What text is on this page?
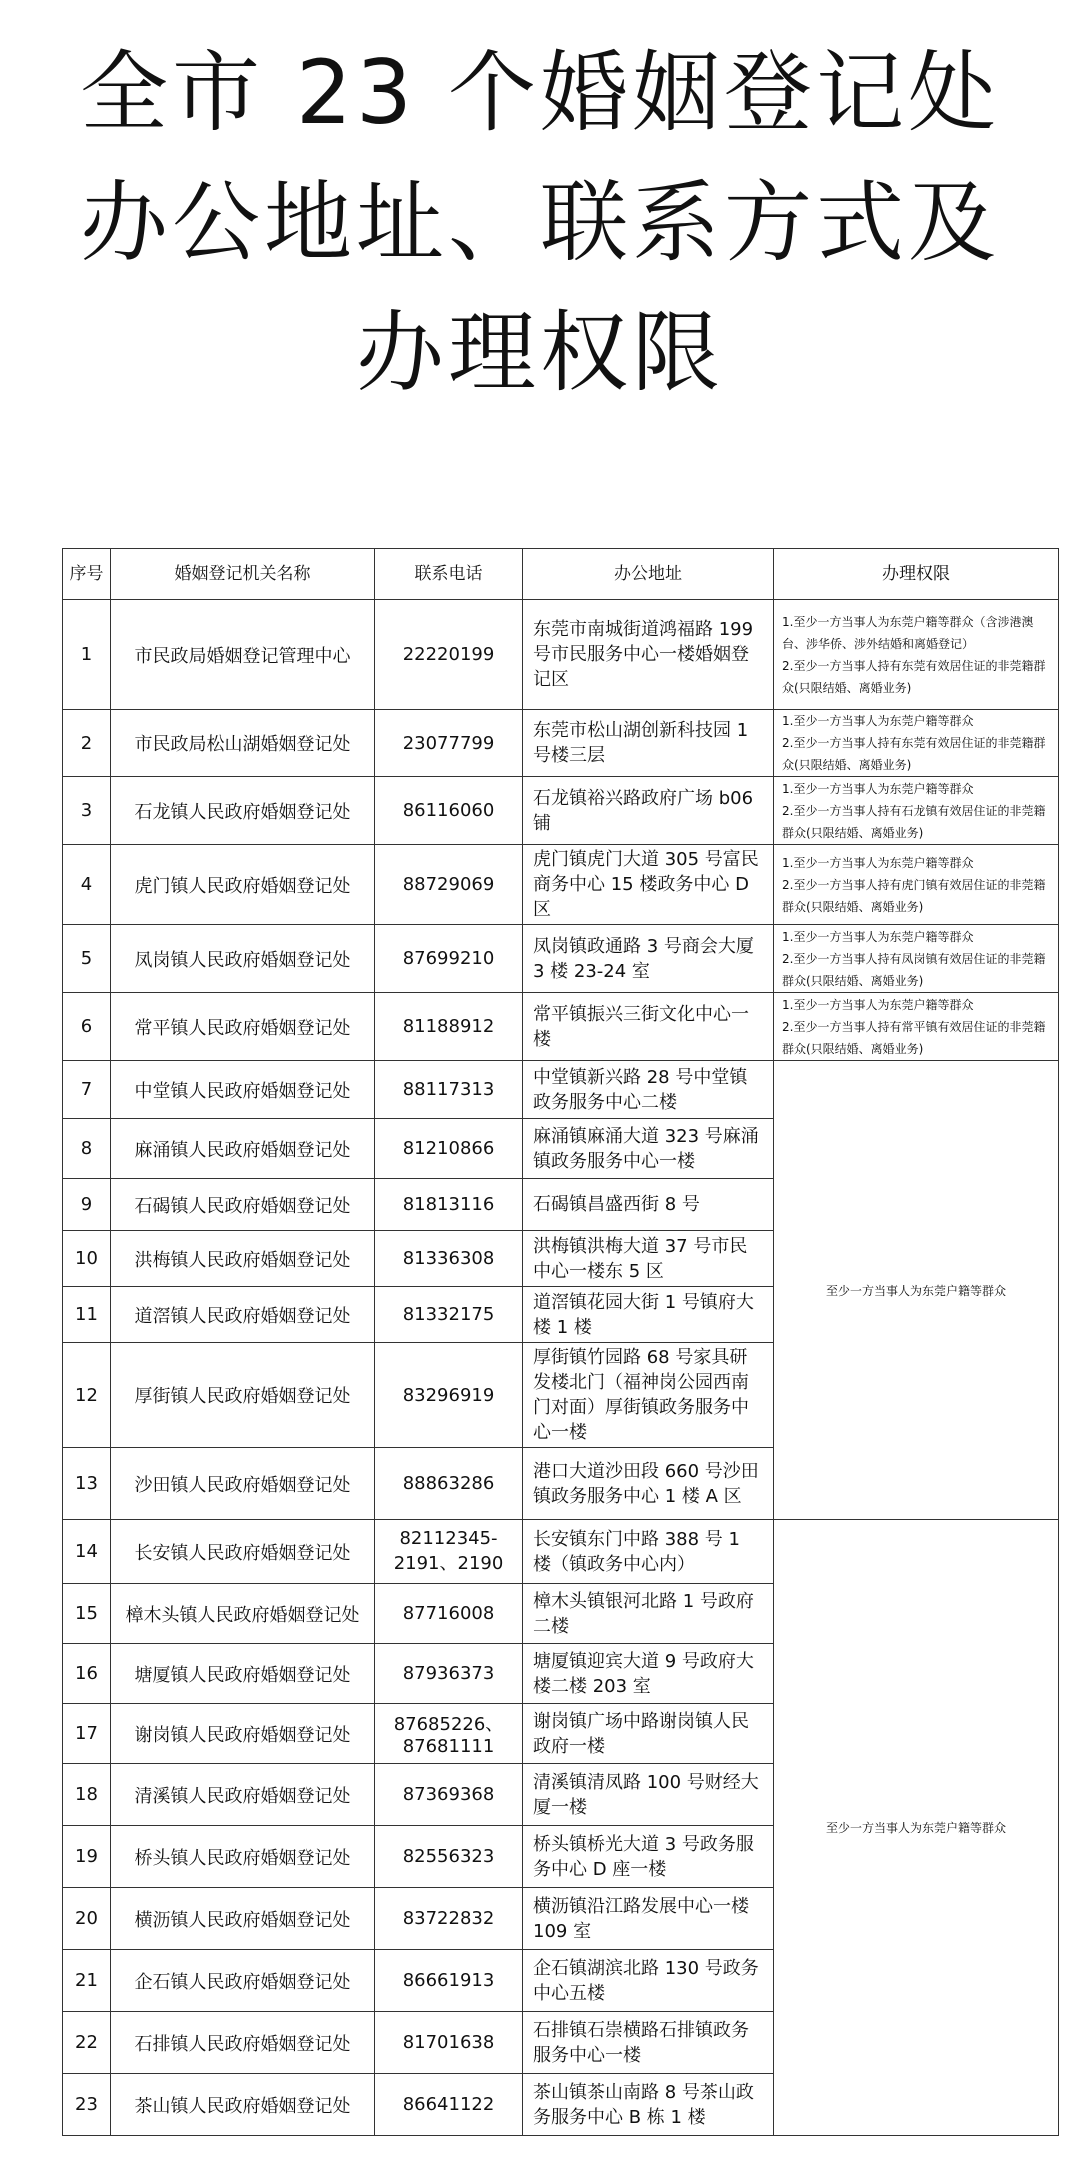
全市 23 个婚姻登记处
办公地址、联系方式及
办理权限
序号	婚姻登记机关名称	联系电话	办公地址	办理权限
1	市民政局婚姻登记管理中心	22220199	东莞市南城街道鸿福路 199 号市民服务中心一楼婚姻登记区	1.至少一方当事人为东莞户籍等群众（含涉港澳台、涉华侨、涉外结婚和离婚登记）
2.至少一方当事人持有东莞有效居住证的非莞籍群众(只限结婚、离婚业务)

2	市民政局松山湖婚姻登记处	23077799	东莞市松山湖创新科技园 1 号楼三层	1.至少一方当事人为东莞户籍等群众
2.至少一方当事人持有东莞有效居住证的非莞籍群众(只限结婚、离婚业务)

3	石龙镇人民政府婚姻登记处	86116060	石龙镇裕兴路政府广场 b06 铺	1.至少一方当事人为东莞户籍等群众
2.至少一方当事人持有石龙镇有效居住证的非莞籍群众(只限结婚、离婚业务)

4	虎门镇人民政府婚姻登记处	88729069	虎门镇虎门大道 305 号富民商务中心 15 楼政务中心 D 区	1.至少一方当事人为东莞户籍等群众
2.至少一方当事人持有虎门镇有效居住证的非莞籍群众(只限结婚、离婚业务)

5	凤岗镇人民政府婚姻登记处	87699210	凤岗镇政通路 3 号商会大厦 3 楼 23-24 室	1.至少一方当事人为东莞户籍等群众
2.至少一方当事人持有凤岗镇有效居住证的非莞籍群众(只限结婚、离婚业务)

6	常平镇人民政府婚姻登记处	81188912	常平镇振兴三街文化中心一楼	1.至少一方当事人为东莞户籍等群众
2.至少一方当事人持有常平镇有效居住证的非莞籍群众(只限结婚、离婚业务)

7	中堂镇人民政府婚姻登记处	88117313	中堂镇新兴路 28 号中堂镇政务服务中心二楼	至少一方当事人为东莞户籍等群众
8	麻涌镇人民政府婚姻登记处	81210866	麻涌镇麻涌大道 323 号麻涌镇政务服务中心一楼	
9	石碣镇人民政府婚姻登记处	81813116	石碣镇昌盛西街 8 号	
10	洪梅镇人民政府婚姻登记处	81336308	洪梅镇洪梅大道 37 号市民中心一楼东 5 区	
11	道滘镇人民政府婚姻登记处	81332175	道滘镇花园大街 1 号镇府大楼 1 楼	
12	厚街镇人民政府婚姻登记处	83296919	厚街镇竹园路 68 号家具研发楼北门（福神岗公园西南门对面）厚街镇政务服务中心一楼	
13	沙田镇人民政府婚姻登记处	88863286	港口大道沙田段 660 号沙田镇政务服务中心 1 楼 A 区	
14	长安镇人民政府婚姻登记处	82112345-2191、2190	长安镇东门中路 388 号 1 楼（镇政务中心内）	至少一方当事人为东莞户籍等群众
15	樟木头镇人民政府婚姻登记处	87716008	樟木头镇银河北路 1 号政府二楼	
16	塘厦镇人民政府婚姻登记处	87936373	塘厦镇迎宾大道 9 号政府大楼二楼 203 室	
17	谢岗镇人民政府婚姻登记处	87685226、87681111	谢岗镇广场中路谢岗镇人民政府一楼	
18	清溪镇人民政府婚姻登记处	87369368	清溪镇清凤路 100 号财经大厦一楼	
19	桥头镇人民政府婚姻登记处	82556323	桥头镇桥光大道 3 号政务服务中心 D 座一楼	
20	横沥镇人民政府婚姻登记处	83722832	横沥镇沿江路发展中心一楼 109 室	
21	企石镇人民政府婚姻登记处	86661913	企石镇湖滨北路 130 号政务中心五楼	
22	石排镇人民政府婚姻登记处	81701638	石排镇石崇横路石排镇政务服务中心一楼	
23	茶山镇人民政府婚姻登记处	86641122	茶山镇茶山南路 8 号茶山政务服务中心 B 栋 1 楼	
